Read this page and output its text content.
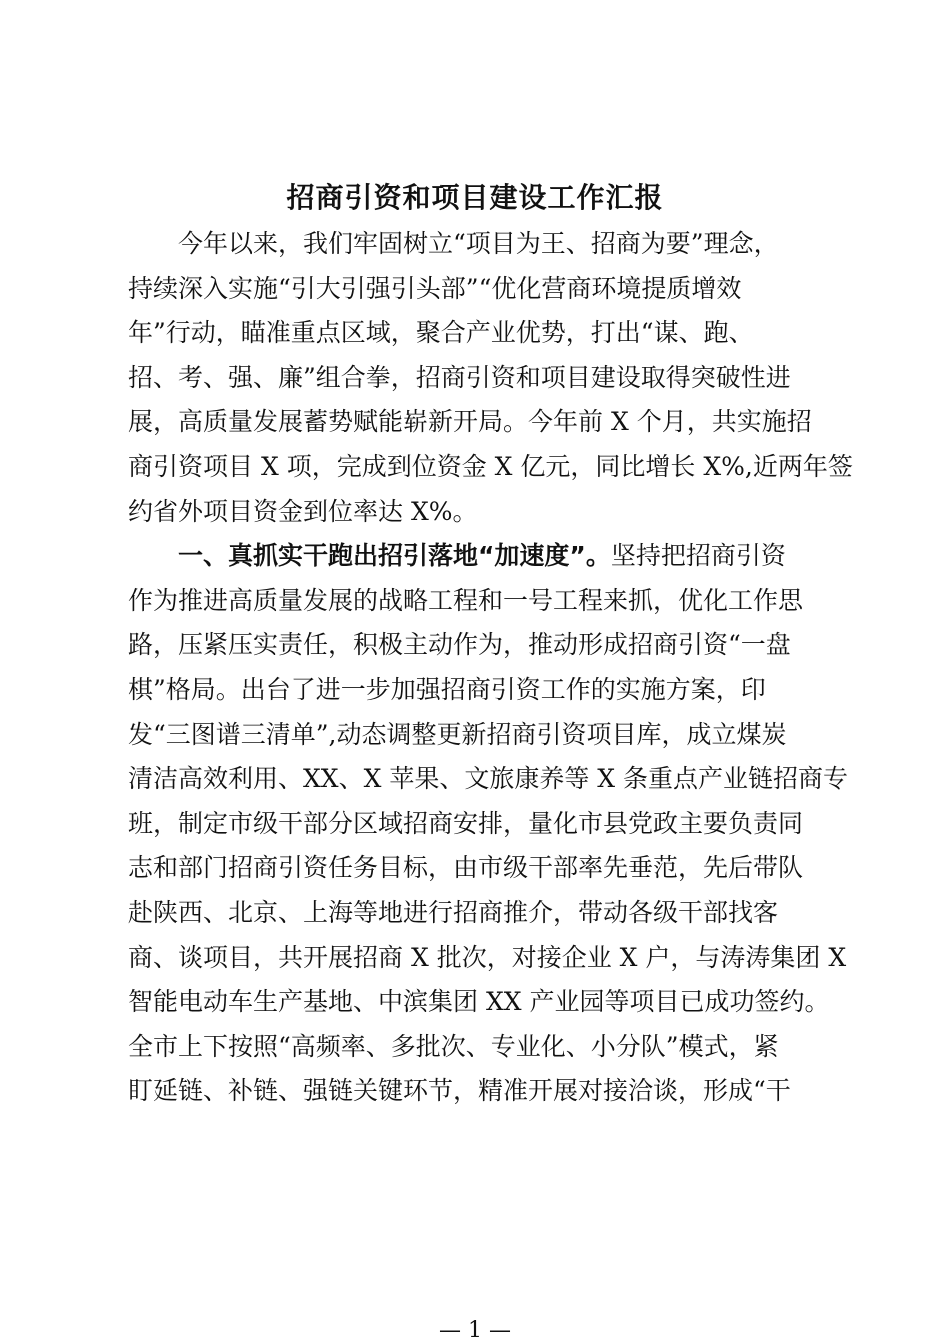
招商引资和项目建设工作汇报
　　今年以来，我们牢固树立“项目为王、招商为要”理念，
持续深入实施“引大引强引头部”“优化营商环境提质增效
年”行动，瞄准重点区域，聚合产业优势，打出“谋、跑、
招、考、强、廉”组合拳，招商引资和项目建设取得突破性进
展，高质量发展蓄势赋能崭新开局。今年前 X 个月，共实施招
商引资项目 X 项，完成到位资金 X 亿元，同比增长 X%,近两年签
约省外项目资金到位率达 X%。
　　一、真抓实干跑出招引落地“加速度”。坚持把招商引资
作为推进高质量发展的战略工程和一号工程来抓，优化工作思
路，压紧压实责任，积极主动作为，推动形成招商引资“一盘
棋”格局。出台了进一步加强招商引资工作的实施方案，印
发“三图谱三清单”,动态调整更新招商引资项目库，成立煤炭
清洁高效利用、XX、X 苹果、文旅康养等 X 条重点产业链招商专
班，制定市级干部分区域招商安排，量化市县党政主要负责同
志和部门招商引资任务目标，由市级干部率先垂范，先后带队
赴陕西、北京、上海等地进行招商推介，带动各级干部找客
商、谈项目，共开展招商 X 批次，对接企业 X 户，与涛涛集团 X
智能电动车生产基地、中滨集团 XX 产业园等项目已成功签约。
全市上下按照“高频率、多批次、专业化、小分队”模式，紧
盯延链、补链、强链关键环节，精准开展对接洽谈，形成“干
— 1 —
